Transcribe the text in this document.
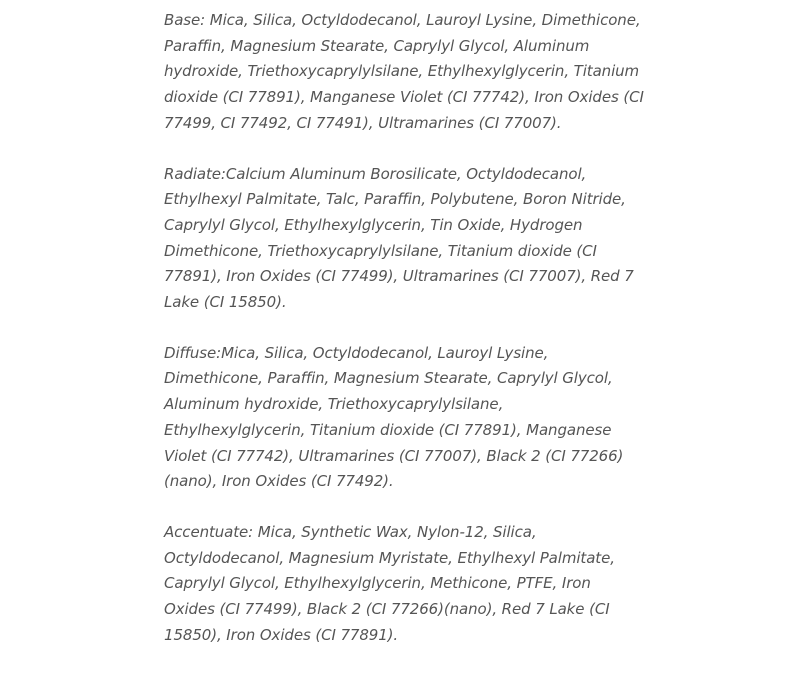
Base: Mica, Silica, Octyldodecanol, Lauroyl Lysine, Dimethicone, Paraffin, Magnesium Stearate, Caprylyl Glycol, Aluminum hydroxide, Triethoxycaprylylsilane, Ethylhexylglycerin, Titanium dioxide (CI 77891), Manganese Violet (CI 77742), Iron Oxides (CI 77499, CI 77492, CI 77491), Ultramarines (CI 77007).

Radiate:Calcium Aluminum Borosilicate, Octyldodecanol, Ethylhexyl Palmitate, Talc, Paraffin, Polybutene, Boron Nitride, Caprylyl Glycol, Ethylhexylglycerin, Tin Oxide, Hydrogen Dimethicone, Triethoxycaprylylsilane, Titanium dioxide (CI 77891), Iron Oxides (CI 77499), Ultramarines (CI 77007), Red 7 Lake (CI 15850).

Diffuse:Mica, Silica, Octyldodecanol, Lauroyl Lysine, Dimethicone, Paraffin, Magnesium Stearate, Caprylyl Glycol, Aluminum hydroxide, Triethoxycaprylylsilane, Ethylhexylglycerin, Titanium dioxide (CI 77891), Manganese Violet (CI 77742), Ultramarines (CI 77007), Black 2 (CI 77266)(nano), Iron Oxides (CI 77492).

Accentuate: Mica, Synthetic Wax, Nylon-12, Silica, Octyldodecanol, Magnesium Myristate, Ethylhexyl Palmitate, Caprylyl Glycol, Ethylhexylglycerin, Methicone, PTFE, Iron Oxides (CI 77499), Black 2 (CI 77266)(nano), Red 7 Lake (CI 15850), Iron Oxides (CI 77891).
